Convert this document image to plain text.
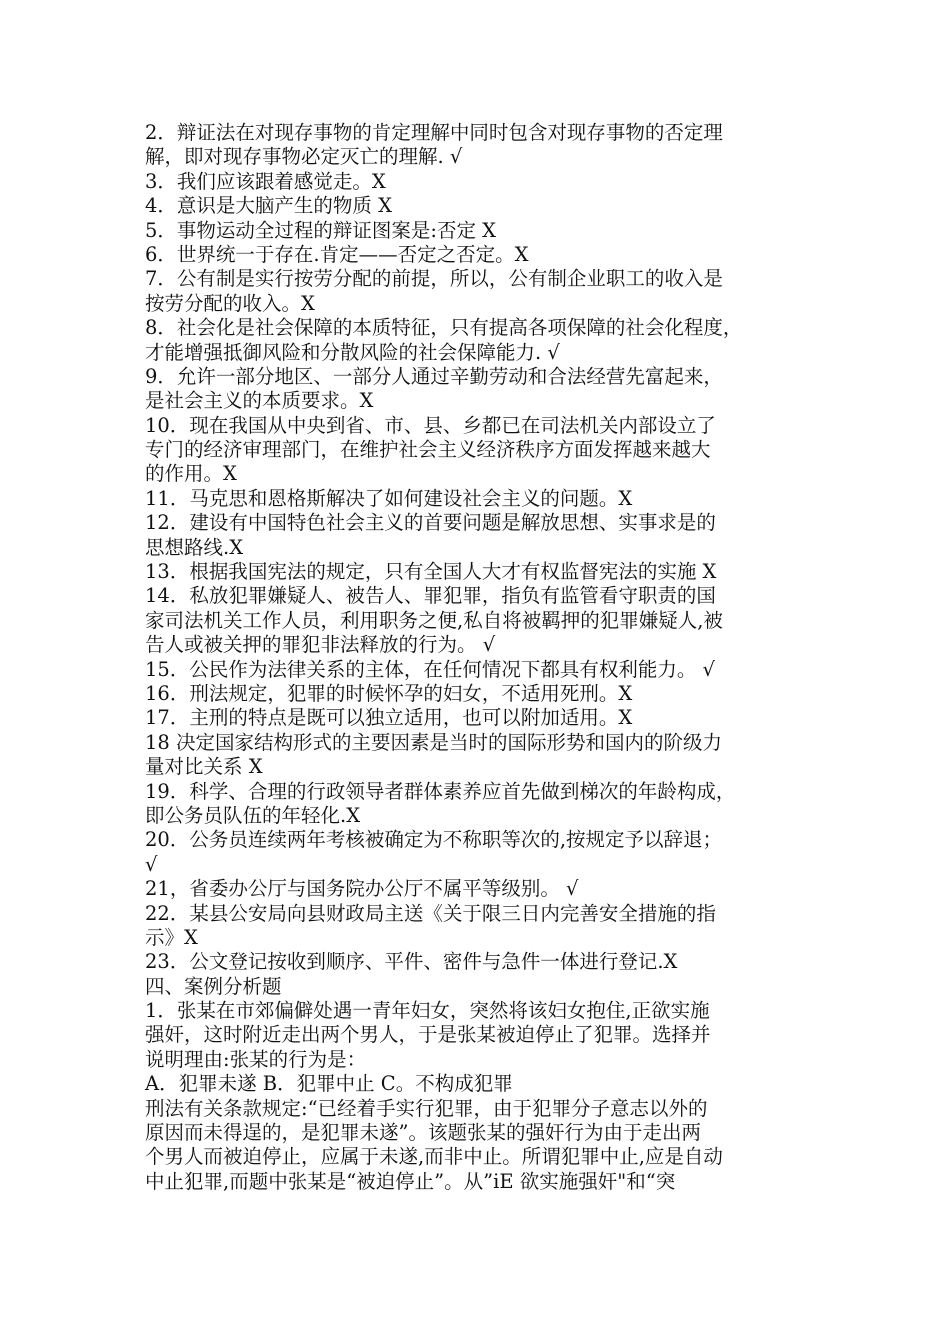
2．辩证法在对现存事物的肯定理解中同时包含对现存事物的否定理
解，即对现存事物必定灭亡的理解. √
3．我们应该跟着感觉走。X
4．意识是大脑产生的物质 X
5．事物运动全过程的辩证图案是:否定 X
6．世界统一于存在.肯定——否定之否定。X
7．公有制是实行按劳分配的前提，所以，公有制企业职工的收入是
按劳分配的收入。X
8．社会化是社会保障的本质特征，只有提高各项保障的社会化程度，
才能增强抵御风险和分散风险的社会保障能力. √
9．允许一部分地区、一部分人通过辛勤劳动和合法经营先富起来，
是社会主义的本质要求。X
10．现在我国从中央到省、市、县、乡都已在司法机关内部设立了
专门的经济审理部门，在维护社会主义经济秩序方面发挥越来越大
的作用。X
11．马克思和恩格斯解决了如何建设社会主义的问题。X
12．建设有中国特色社会主义的首要问题是解放思想、实事求是的
思想路线.X
13．根据我国宪法的规定，只有全国人大才有权监督宪法的实施 X
14．私放犯罪嫌疑人、被告人、罪犯罪，指负有监管看守职责的国
家司法机关工作人员，利用职务之便,私自将被羁押的犯罪嫌疑人,被
告人或被关押的罪犯非法释放的行为。 √
15．公民作为法律关系的主体，在任何情况下都具有权利能力。 √
16．刑法规定，犯罪的时候怀孕的妇女，不适用死刑。X
17．主刑的特点是既可以独立适用，也可以附加适用。X
18 决定国家结构形式的主要因素是当时的国际形势和国内的阶级力
量对比关系 X
19．科学、合理的行政领导者群体素养应首先做到梯次的年龄构成，
即公务员队伍的年轻化.X
20．公务员连续两年考核被确定为不称职等次的,按规定予以辞退；
√
21，省委办公厅与国务院办公厅不属平等级别。 √
22．某县公安局向县财政局主送《关于限三日内完善安全措施的指
示》X
23．公文登记按收到顺序、平件、密件与急件一体进行登记.X
四、案例分析题
1．张某在市郊偏僻处遇一青年妇女，突然将该妇女抱住,正欲实施
强奸，这时附近走出两个男人，于是张某被迫停止了犯罪。选择并
说明理由:张某的行为是：
A．犯罪未遂 B．犯罪中止 C。不构成犯罪
刑法有关条款规定:“已经着手实行犯罪，由于犯罪分子意志以外的
原因而未得逞的，是犯罪未遂”。该题张某的强奸行为由于走出两
个男人而被迫停止，应属于未遂,而非中止。所谓犯罪中止,应是自动
中止犯罪,而题中张某是“被迫停止”。从”iE 欲实施强奸"和“突
